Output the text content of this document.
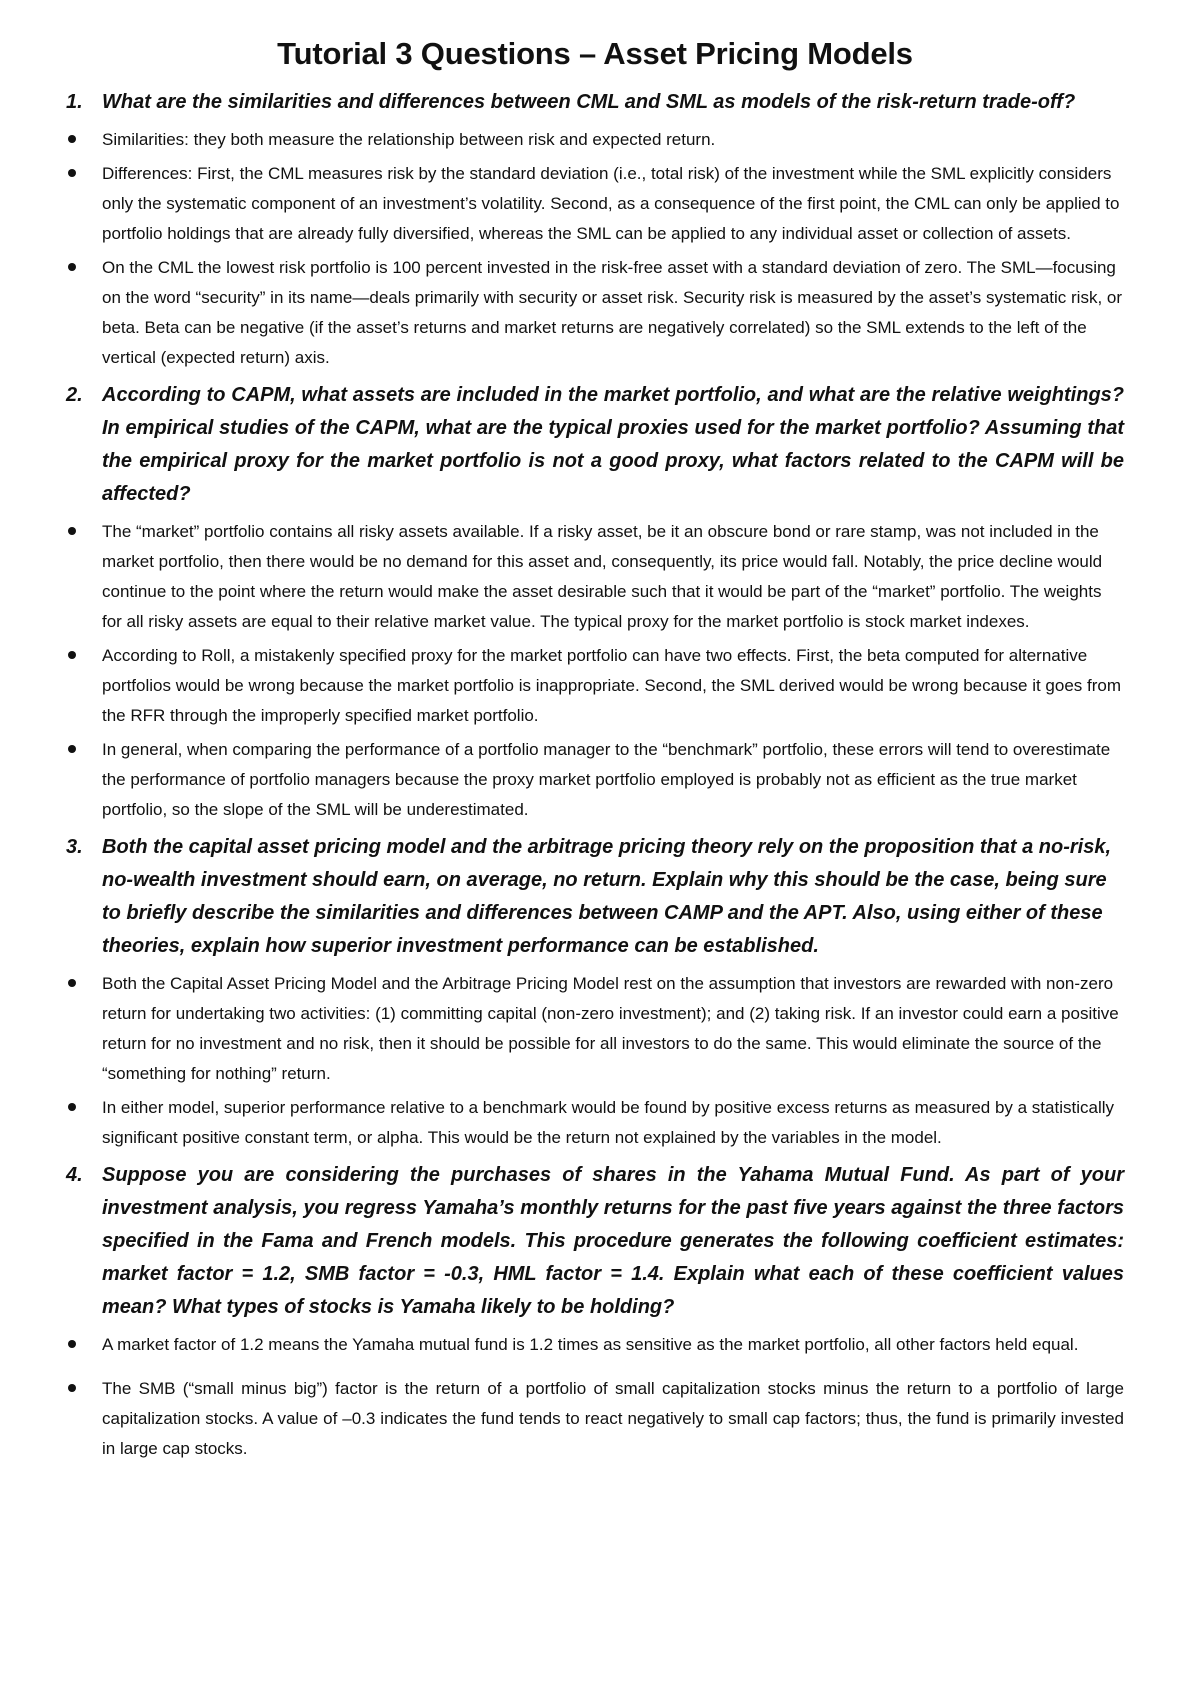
Tutorial 3 Questions – Asset Pricing Models
1. What are the similarities and differences between CML and SML as models of the risk-return trade-off?
Similarities: they both measure the relationship between risk and expected return.
Differences: First, the CML measures risk by the standard deviation (i.e., total risk) of the investment while the SML explicitly considers only the systematic component of an investment’s volatility. Second, as a consequence of the first point, the CML can only be applied to portfolio holdings that are already fully diversified, whereas the SML can be applied to any individual asset or collection of assets.
On the CML the lowest risk portfolio is 100 percent invested in the risk-free asset with a standard deviation of zero. The SML—focusing on the word “security” in its name—deals primarily with security or asset risk. Security risk is measured by the asset’s systematic risk, or beta. Beta can be negative (if the asset’s returns and market returns are negatively correlated) so the SML extends to the left of the vertical (expected return) axis.
2. According to CAPM, what assets are included in the market portfolio, and what are the relative weightings? In empirical studies of the CAPM, what are the typical proxies used for the market portfolio? Assuming that the empirical proxy for the market portfolio is not a good proxy, what factors related to the CAPM will be affected?
The “market” portfolio contains all risky assets available. If a risky asset, be it an obscure bond or rare stamp, was not included in the market portfolio, then there would be no demand for this asset and, consequently, its price would fall. Notably, the price decline would continue to the point where the return would make the asset desirable such that it would be part of the “market” portfolio. The weights for all risky assets are equal to their relative market value. The typical proxy for the market portfolio is stock market indexes.
According to Roll, a mistakenly specified proxy for the market portfolio can have two effects. First, the beta computed for alternative portfolios would be wrong because the market portfolio is inappropriate. Second, the SML derived would be wrong because it goes from the RFR through the improperly specified market portfolio.
In general, when comparing the performance of a portfolio manager to the “benchmark” portfolio, these errors will tend to overestimate the performance of portfolio managers because the proxy market portfolio employed is probably not as efficient as the true market portfolio, so the slope of the SML will be underestimated.
3. Both the capital asset pricing model and the arbitrage pricing theory rely on the proposition that a no-risk, no-wealth investment should earn, on average, no return. Explain why this should be the case, being sure to briefly describe the similarities and differences between CAMP and the APT. Also, using either of these theories, explain how superior investment performance can be established.
Both the Capital Asset Pricing Model and the Arbitrage Pricing Model rest on the assumption that investors are rewarded with non-zero return for undertaking two activities: (1) committing capital (non-zero investment); and (2) taking risk. If an investor could earn a positive return for no investment and no risk, then it should be possible for all investors to do the same. This would eliminate the source of the “something for nothing” return.
In either model, superior performance relative to a benchmark would be found by positive excess returns as measured by a statistically significant positive constant term, or alpha. This would be the return not explained by the variables in the model.
4. Suppose you are considering the purchases of shares in the Yahama Mutual Fund. As part of your investment analysis, you regress Yamaha’s monthly returns for the past five years against the three factors specified in the Fama and French models. This procedure generates the following coefficient estimates: market factor = 1.2, SMB factor = -0.3, HML factor = 1.4. Explain what each of these coefficient values mean? What types of stocks is Yamaha likely to be holding?
A market factor of 1.2 means the Yamaha mutual fund is 1.2 times as sensitive as the market portfolio, all other factors held equal.
The SMB (“small minus big”) factor is the return of a portfolio of small capitalization stocks minus the return to a portfolio of large capitalization stocks. A value of –0.3 indicates the fund tends to react negatively to small cap factors; thus, the fund is primarily invested in large cap stocks.
